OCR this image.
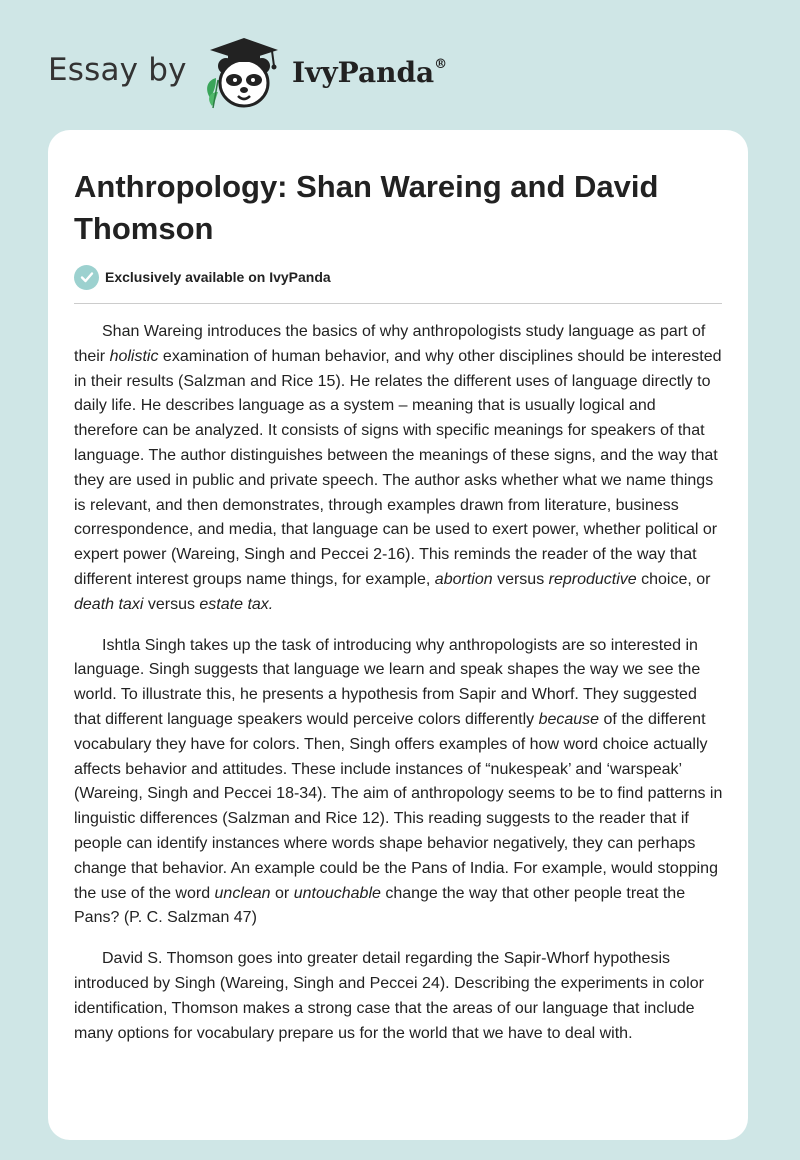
Essay by	IvyPanda®
Anthropology: Shan Wareing and David Thomson
Exclusively available on IvyPanda

Shan Wareing introduces the basics of why anthropologists study language as part of their holistic examination of human behavior, and why other disciplines should be interested in their results (Salzman and Rice 15). He relates the different uses of language directly to daily life. He describes language as a system – meaning that is usually logical and therefore can be analyzed. It consists of signs with specific meanings for speakers of that language. The author distinguishes between the meanings of these signs, and the way that they are used in public and private speech. The author asks whether what we name things is relevant, and then demonstrates, through examples drawn from literature, business correspondence, and media, that language can be used to exert power, whether political or expert power (Wareing, Singh and Peccei 2-16). This reminds the reader of the way that different interest groups name things, for example, abortion versus reproductive choice, or death taxi versus estate tax.

Ishtla Singh takes up the task of introducing why anthropologists are so interested in language. Singh suggests that language we learn and speak shapes the way we see the world. To illustrate this, he presents a hypothesis from Sapir and Whorf. They suggested that different language speakers would perceive colors differently because of the different vocabulary they have for colors. Then, Singh offers examples of how word choice actually affects behavior and attitudes. These include instances of “nukespeak’ and ‘warspeak’ (Wareing, Singh and Peccei 18-34). The aim of anthropology seems to be to find patterns in linguistic differences (Salzman and Rice 12). This reading suggests to the reader that if people can identify instances where words shape behavior negatively, they can perhaps change that behavior. An example could be the Pans of India. For example, would stopping the use of the word unclean or untouchable change the way that other people treat the Pans? (P. C. Salzman 47)

David S. Thomson goes into greater detail regarding the Sapir-Whorf hypothesis introduced by Singh (Wareing, Singh and Peccei 24). Describing the experiments in color identification, Thomson makes a strong case that the areas of our language that include many options for vocabulary prepare us for the world that we have to deal with.
